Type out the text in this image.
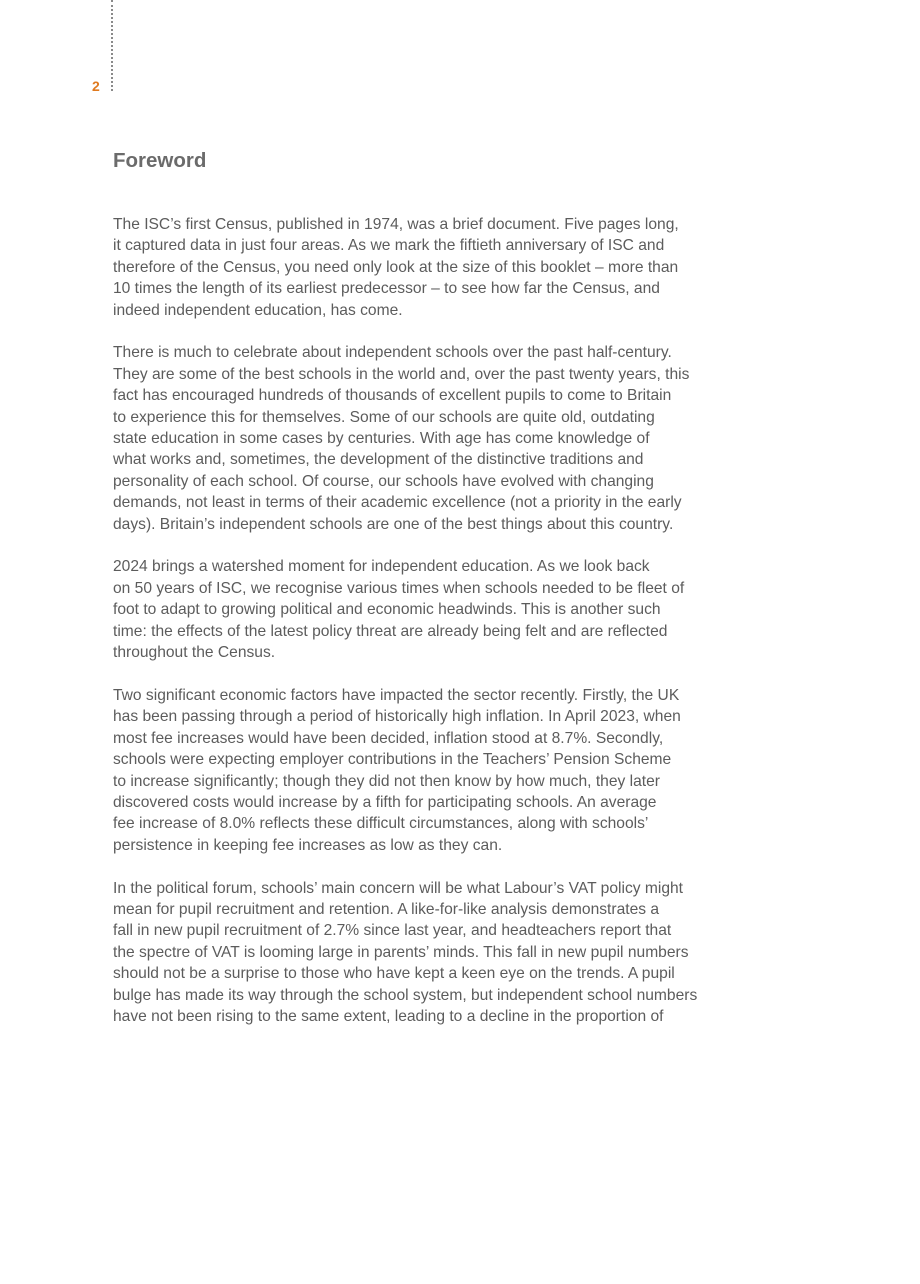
2
Foreword

The ISC’s first Census, published in 1974, was a brief document. Five pages long,
it captured data in just four areas. As we mark the fiftieth anniversary of ISC and
therefore of the Census, you need only look at the size of this booklet – more than
10 times the length of its earliest predecessor – to see how far the Census, and
indeed independent education, has come.

There is much to celebrate about independent schools over the past half-century.
They are some of the best schools in the world and, over the past twenty years, this
fact has encouraged hundreds of thousands of excellent pupils to come to Britain
to experience this for themselves. Some of our schools are quite old, outdating
state education in some cases by centuries. With age has come knowledge of
what works and, sometimes, the development of the distinctive traditions and
personality of each school. Of course, our schools have evolved with changing
demands, not least in terms of their academic excellence (not a priority in the early
days). Britain’s independent schools are one of the best things about this country.

2024 brings a watershed moment for independent education. As we look back
on 50 years of ISC, we recognise various times when schools needed to be fleet of
foot to adapt to growing political and economic headwinds. This is another such
time: the effects of the latest policy threat are already being felt and are reflected
throughout the Census.

Two significant economic factors have impacted the sector recently. Firstly, the UK
has been passing through a period of historically high inflation. In April 2023, when
most fee increases would have been decided, inflation stood at 8.7%. Secondly,
schools were expecting employer contributions in the Teachers’ Pension Scheme
to increase significantly; though they did not then know by how much, they later
discovered costs would increase by a fifth for participating schools. An average
fee increase of 8.0% reflects these difficult circumstances, along with schools’
persistence in keeping fee increases as low as they can.

In the political forum, schools’ main concern will be what Labour’s VAT policy might
mean for pupil recruitment and retention. A like-for-like analysis demonstrates a
fall in new pupil recruitment of 2.7% since last year, and headteachers report that
the spectre of VAT is looming large in parents’ minds. This fall in new pupil numbers
should not be a surprise to those who have kept a keen eye on the trends. A pupil
bulge has made its way through the school system, but independent school numbers
have not been rising to the same extent, leading to a decline in the proportion of
